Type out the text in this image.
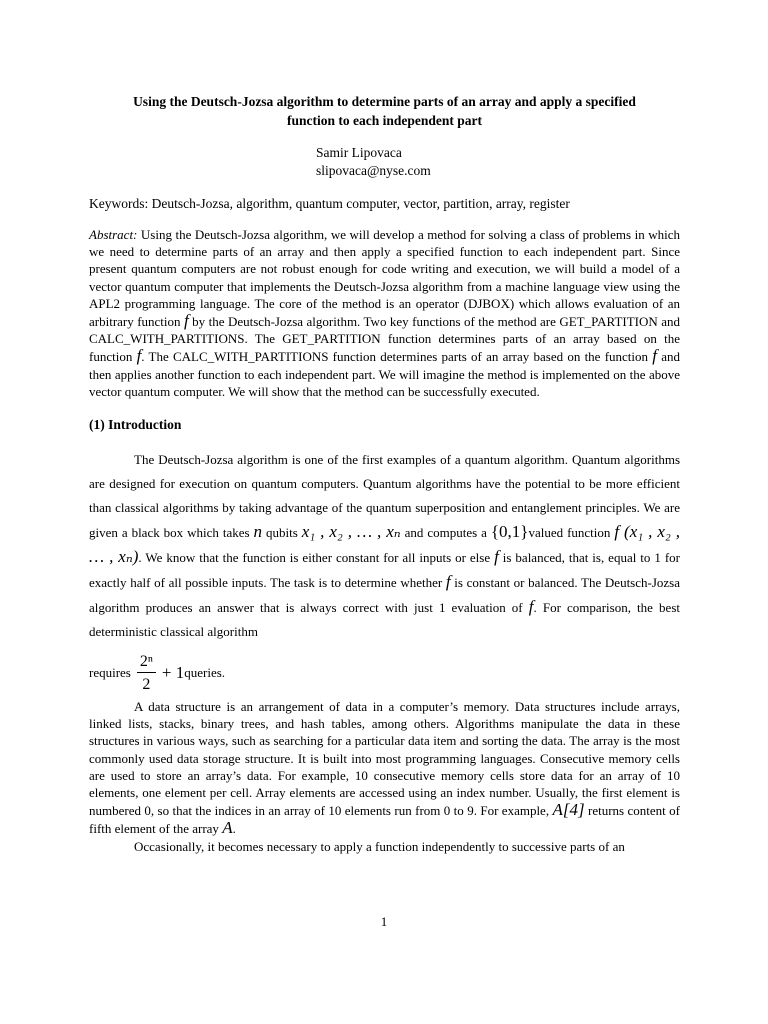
Using the Deutsch-Jozsa algorithm to determine parts of an array and apply a specified
function to each independent part
Samir Lipovaca
slipovaca@nyse.com
Keywords: Deutsch-Jozsa, algorithm, quantum computer, vector, partition, array, register
Abstract: Using the Deutsch-Jozsa algorithm, we will develop a method for solving a class of problems in which we need to determine parts of an array and then apply a specified function to each independent part. Since present quantum computers are not robust enough for code writing and execution, we will build a model of a vector quantum computer that implements the Deutsch-Jozsa algorithm from a machine language view using the APL2 programming language. The core of the method is an operator (DJBOX) which allows evaluation of an arbitrary function f by the Deutsch-Jozsa algorithm. Two key functions of the method are GET_PARTITION and CALC_WITH_PARTITIONS. The GET_PARTITION function determines parts of an array based on the function f. The CALC_WITH_PARTITIONS function determines parts of an array based on the function f and then applies another function to each independent part. We will imagine the method is implemented on the above vector quantum computer. We will show that the method can be successfully executed.
(1) Introduction

The Deutsch-Jozsa algorithm is one of the first examples of a quantum algorithm. Quantum algorithms are designed for execution on quantum computers. Quantum algorithms have the potential to be more efficient than classical algorithms by taking advantage of the quantum superposition and entanglement principles. We are given a black box which takes n qubits x₁ , x₂ , … , xₙ and computes a {0,1}valued function f (x₁ , x₂ , … , xₙ). We know that the function is either constant for all inputs or else f is balanced, that is, equal to 1 for exactly half of all possible inputs. The task is to determine whether f is constant or balanced. The Deutsch-Jozsa algorithm produces an answer that is always correct with just 1 evaluation of f. For comparison, the best deterministic classical algorithm

requires $\frac{\text{2ⁿ}}{2} + 1$ queries.

A data structure is an arrangement of data in a computer’s memory. Data structures include arrays, linked lists, stacks, binary trees, and hash tables, among others. Algorithms manipulate the data in these structures in various ways, such as searching for a particular data item and sorting the data. The array is the most commonly used data storage structure. It is built into most programming languages. Consecutive memory cells are used to store an array’s data. For example, 10 consecutive memory cells store data for an array of 10 elements, one element per cell. Array elements are accessed using an index number. Usually, the first element is numbered 0, so that the indices in an array of 10 elements run from 0 to 9. For example, A[4] returns content of fifth element of the array A.

Occasionally, it becomes necessary to apply a function independently to successive parts of an

1
